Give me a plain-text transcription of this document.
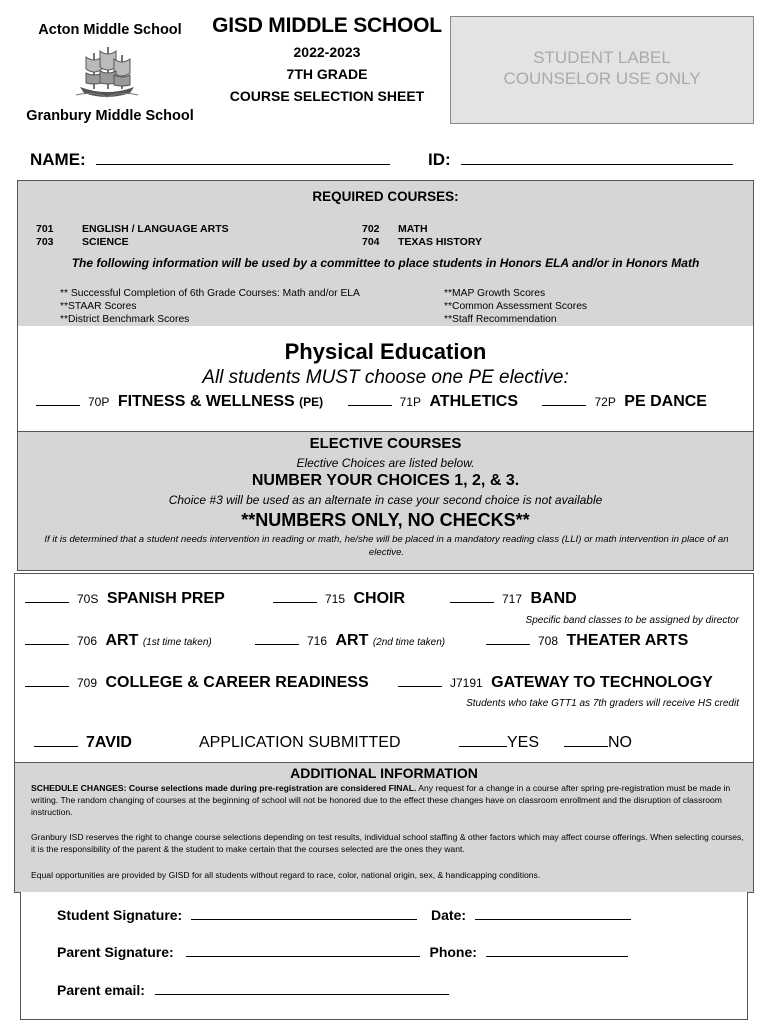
Acton Middle School
Granbury Middle School
GISD MIDDLE SCHOOL
2022-2023
7TH GRADE
COURSE SELECTION SHEET
STUDENT LABEL
COUNSELOR USE ONLY
NAME:	ID:
REQUIRED COURSES:
701	ENGLISH / LANGUAGE ARTS	702 MATH
703	SCIENCE	704 TEXAS HISTORY
The following information will be used by a committee to place students in Honors ELA and/or in Honors Math
** Successful Completion of 6th Grade Courses: Math and/or ELA
**STAAR Scores
**District Benchmark Scores
**MAP Growth Scores
**Common Assessment Scores
**Staff Recommendation
Physical Education
All students MUST choose one PE elective:
70P FITNESS & WELLNESS (PE)	71P ATHLETICS	72P PE DANCE
ELECTIVE COURSES
Elective Choices are listed below.
NUMBER YOUR CHOICES 1, 2, & 3.
Choice #3 will be used as an alternate in case your second choice is not available
**NUMBERS ONLY, NO CHECKS**
If it is determined that a student needs intervention in reading or math, he/she will be placed in a mandatory reading class (LLI) or math intervention in place of an elective.
70S SPANISH PREP	715 CHOIR	717 BAND
Specific band classes to be assigned by director
706 ART (1st time taken)	716 ART (2nd time taken)	708 THEATER ARTS
709 COLLEGE & CAREER READINESS	J7191 GATEWAY TO TECHNOLOGY
Students who take GTT1 as 7th graders will receive HS credit
7AVID	APPLICATION SUBMITTED	YES	NO
ADDITIONAL INFORMATION
SCHEDULE CHANGES: Course selections made during pre-registration are considered FINAL. Any request for a change in a course after spring pre-registration must be made in writing. The random changing of courses at the beginning of school will not be honored due to the effect these changes have on classroom enrollment and the disruption of classroom instruction.
Granbury ISD reserves the right to change course selections depending on test results, individual school staffing & other factors which may affect course offerings. When selecting courses, it is the responsibility of the parent & the student to make certain that the courses selected are the ones they want.
Equal opportunities are provided by GISD for all students without regard to race, color, national origin, sex, & handicapping conditions.
Student Signature:	Date:
Parent Signature:	Phone:
Parent email:
